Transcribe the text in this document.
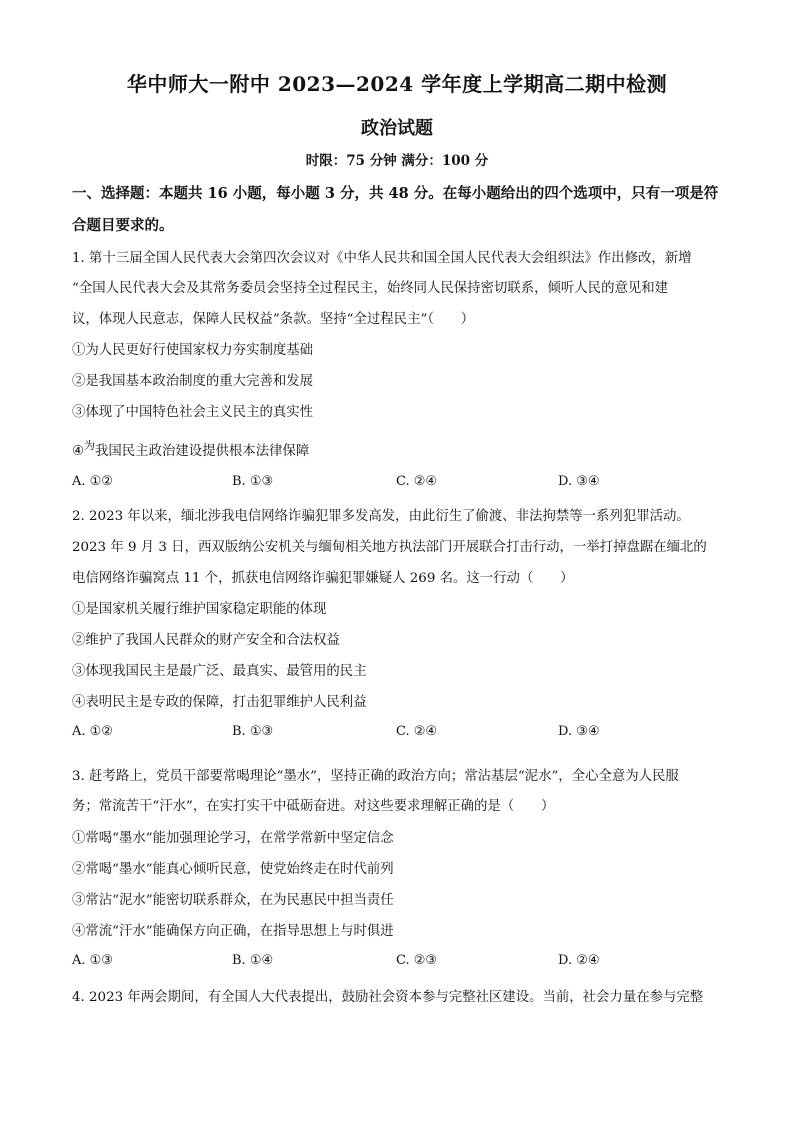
华中师大一附中 2023—2024 学年度上学期高二期中检测
政治试题
时限：75 分钟 满分：100 分
一、选择题：本题共 16 小题，每小题 3 分，共 48 分。在每小题给出的四个选项中，只有一项是符合题目要求的。
1. 第十三届全国人民代表大会第四次会议对《中华人民共和国全国人民代表大会组织法》作出修改，新增
“全国人民代表大会及其常务委员会坚持全过程民主，始终同人民保持密切联系，倾听人民的意见和建
议，体现人民意志，保障人民权益”条款。坚持“全过程民主”（　　）
①为人民更好行使国家权力夯实制度基础
②是我国基本政治制度的重大完善和发展
③体现了中国特色社会主义民主的真实性
④$^为$我国民主政治建设提供根本法律保障
A. ①②	B. ①③	C. ②④	D. ③④
2. 2023 年以来，缅北涉我电信网络诈骗犯罪多发高发，由此衍生了偷渡、非法拘禁等一系列犯罪活动。
2023 年 9 月 3 日，西双版纳公安机关与缅甸相关地方执法部门开展联合打击行动，一举打掉盘踞在缅北的
电信网络诈骗窝点 11 个，抓获电信网络诈骗犯罪嫌疑人 269 名。这一行动（　　）
①是国家机关履行维护国家稳定职能的体现
②维护了我国人民群众的财产安全和合法权益
③体现我国民主是最广泛、最真实、最管用的民主
④表明民主是专政的保障，打击犯罪维护人民利益
A. ①②	B. ①③	C. ②④	D. ③④
3. 赶考路上，党员干部要常喝理论“墨水”，坚持正确的政治方向；常沾基层“泥水”，全心全意为人民服
务；常流苦干“汗水”，在实打实干中砥砺奋进。对这些要求理解正确的是（　　）
①常喝“墨水”能加强理论学习，在常学常新中坚定信念
②常喝“墨水”能真心倾听民意，使党始终走在时代前列
③常沾“泥水”能密切联系群众，在为民惠民中担当责任
④常流“汗水”能确保方向正确，在指导思想上与时俱进
A. ①③	B. ①④	C. ②③	D. ②④
4. 2023 年两会期间，有全国人大代表提出，鼓励社会资本参与完整社区建设。当前，社会力量在参与完整
